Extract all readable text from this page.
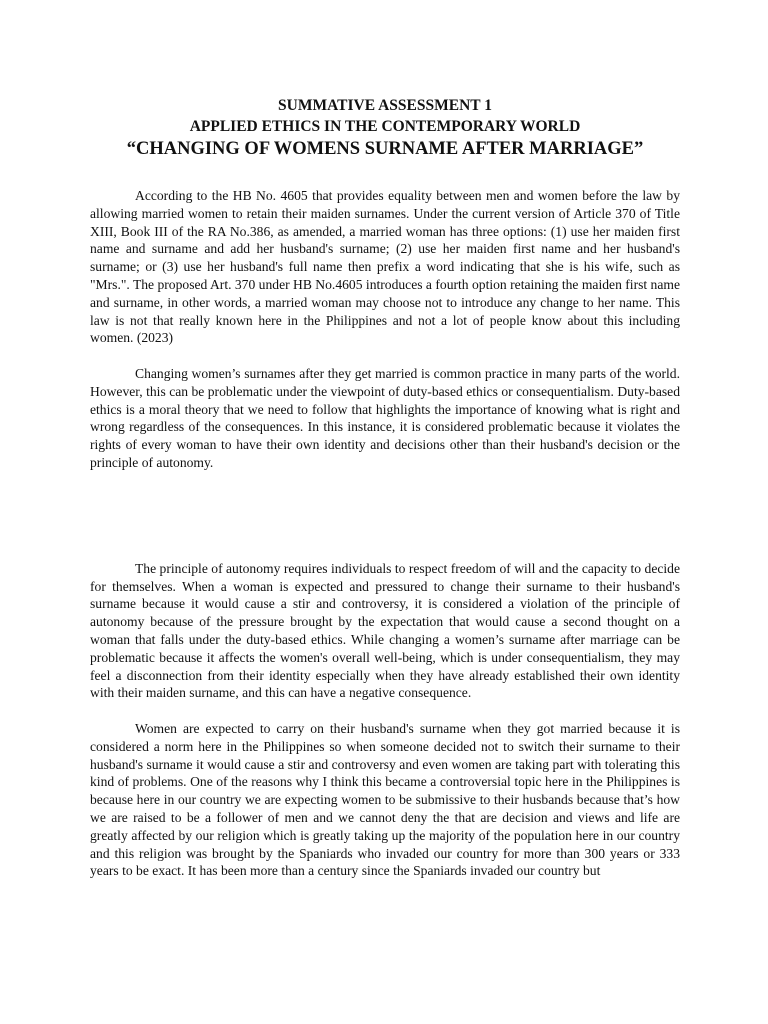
SUMMATIVE ASSESSMENT 1
APPLIED ETHICS IN THE CONTEMPORARY WORLD
“CHANGING OF WOMENS SURNAME AFTER MARRIAGE”

According to the HB No. 4605 that provides equality between men and women before the law by allowing married women to retain their maiden surnames. Under the current version of Article 370 of Title XIII, Book III of the RA No.386, as amended, a married woman has three options: (1) use her maiden first name and surname and add her husband's surname; (2) use her maiden first name and her husband's surname; or (3) use her husband's full name then prefix a word indicating that she is his wife, such as "Mrs.". The proposed Art. 370 under HB No.4605 introduces a fourth option retaining the maiden first name and surname, in other words, a married woman may choose not to introduce any change to her name. This law is not that really known here in the Philippines and not a lot of people know about this including women. (2023)

Changing women’s surnames after they get married is common practice in many parts of the world. However, this can be problematic under the viewpoint of duty-based ethics or consequentialism. Duty-based ethics is a moral theory that we need to follow that highlights the importance of knowing what is right and wrong regardless of the consequences. In this instance, it is considered problematic because it violates the rights of every woman to have their own identity and decisions other than their husband's decision or the principle of autonomy.

The principle of autonomy requires individuals to respect freedom of will and the capacity to decide for themselves. When a woman is expected and pressured to change their surname to their husband's surname because it would cause a stir and controversy, it is considered a violation of the principle of autonomy because of the pressure brought by the expectation that would cause a second thought on a woman that falls under the duty-based ethics. While changing a women’s surname after marriage can be problematic because it affects the women's overall well-being, which is under consequentialism, they may feel a disconnection from their identity especially when they have already established their own identity with their maiden surname, and this can have a negative consequence.

Women are expected to carry on their husband's surname when they got married because it is considered a norm here in the Philippines so when someone decided not to switch their surname to their husband's surname it would cause a stir and controversy and even women are taking part with tolerating this kind of problems. One of the reasons why I think this became a controversial topic here in the Philippines is because here in our country we are expecting women to be submissive to their husbands because that’s how we are raised to be a follower of men and we cannot deny the that are decision and views and life are greatly affected by our religion which is greatly taking up the majority of the population here in our country and this religion was brought by the Spaniards who invaded our country for more than 300 years or 333 years to be exact. It has been more than a century since the Spaniards invaded our country but
